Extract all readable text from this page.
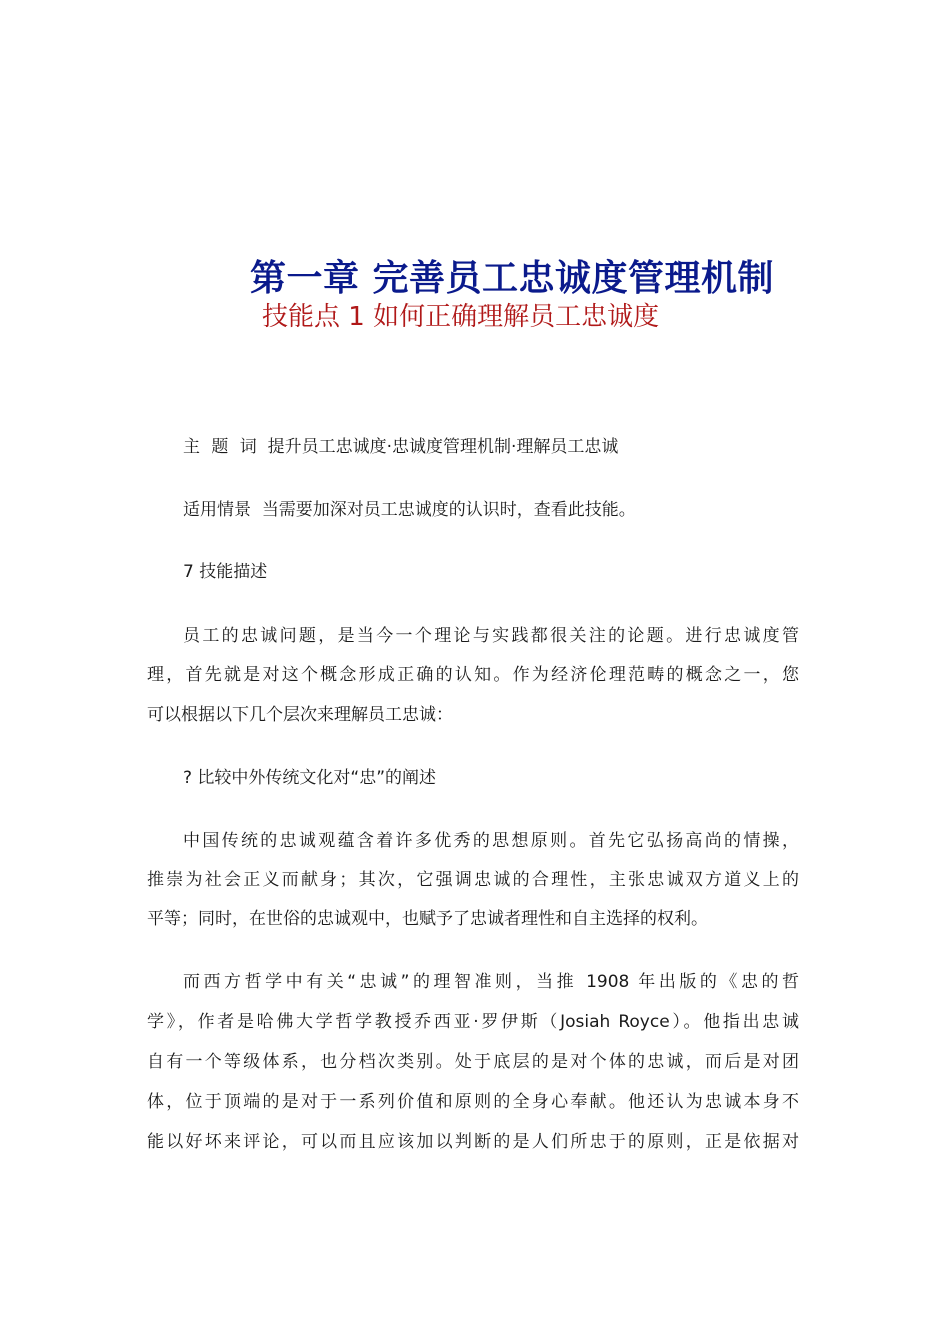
第一章 完善员工忠诚度管理机制
技能点 1 如何正确理解员工忠诚度
主 题 词 提升员工忠诚度·忠诚度管理机制·理解员工忠诚
适用情景 当需要加深对员工忠诚度的认识时，查看此技能。
7 技能描述
员工的忠诚问题，是当今一个理论与实践都很关注的论题。进行忠诚度管
理，首先就是对这个概念形成正确的认知。作为经济伦理范畴的概念之一，您
可以根据以下几个层次来理解员工忠诚：
? 比较中外传统文化对“忠”的阐述
中国传统的忠诚观蕴含着许多优秀的思想原则。首先它弘扬高尚的情操，
推崇为社会正义而献身；其次，它强调忠诚的合理性，主张忠诚双方道义上的
平等；同时，在世俗的忠诚观中，也赋予了忠诚者理性和自主选择的权利。
而西方哲学中有关“忠诚”的理智准则，当推 1908 年出版的《忠的哲
学》，作者是哈佛大学哲学教授乔西亚·罗伊斯（Josiah Royce）。他指出忠诚
自有一个等级体系，也分档次类别。处于底层的是对个体的忠诚，而后是对团
体，位于顶端的是对于一系列价值和原则的全身心奉献。他还认为忠诚本身不
能以好坏来评论，可以而且应该加以判断的是人们所忠于的原则，正是依据对
